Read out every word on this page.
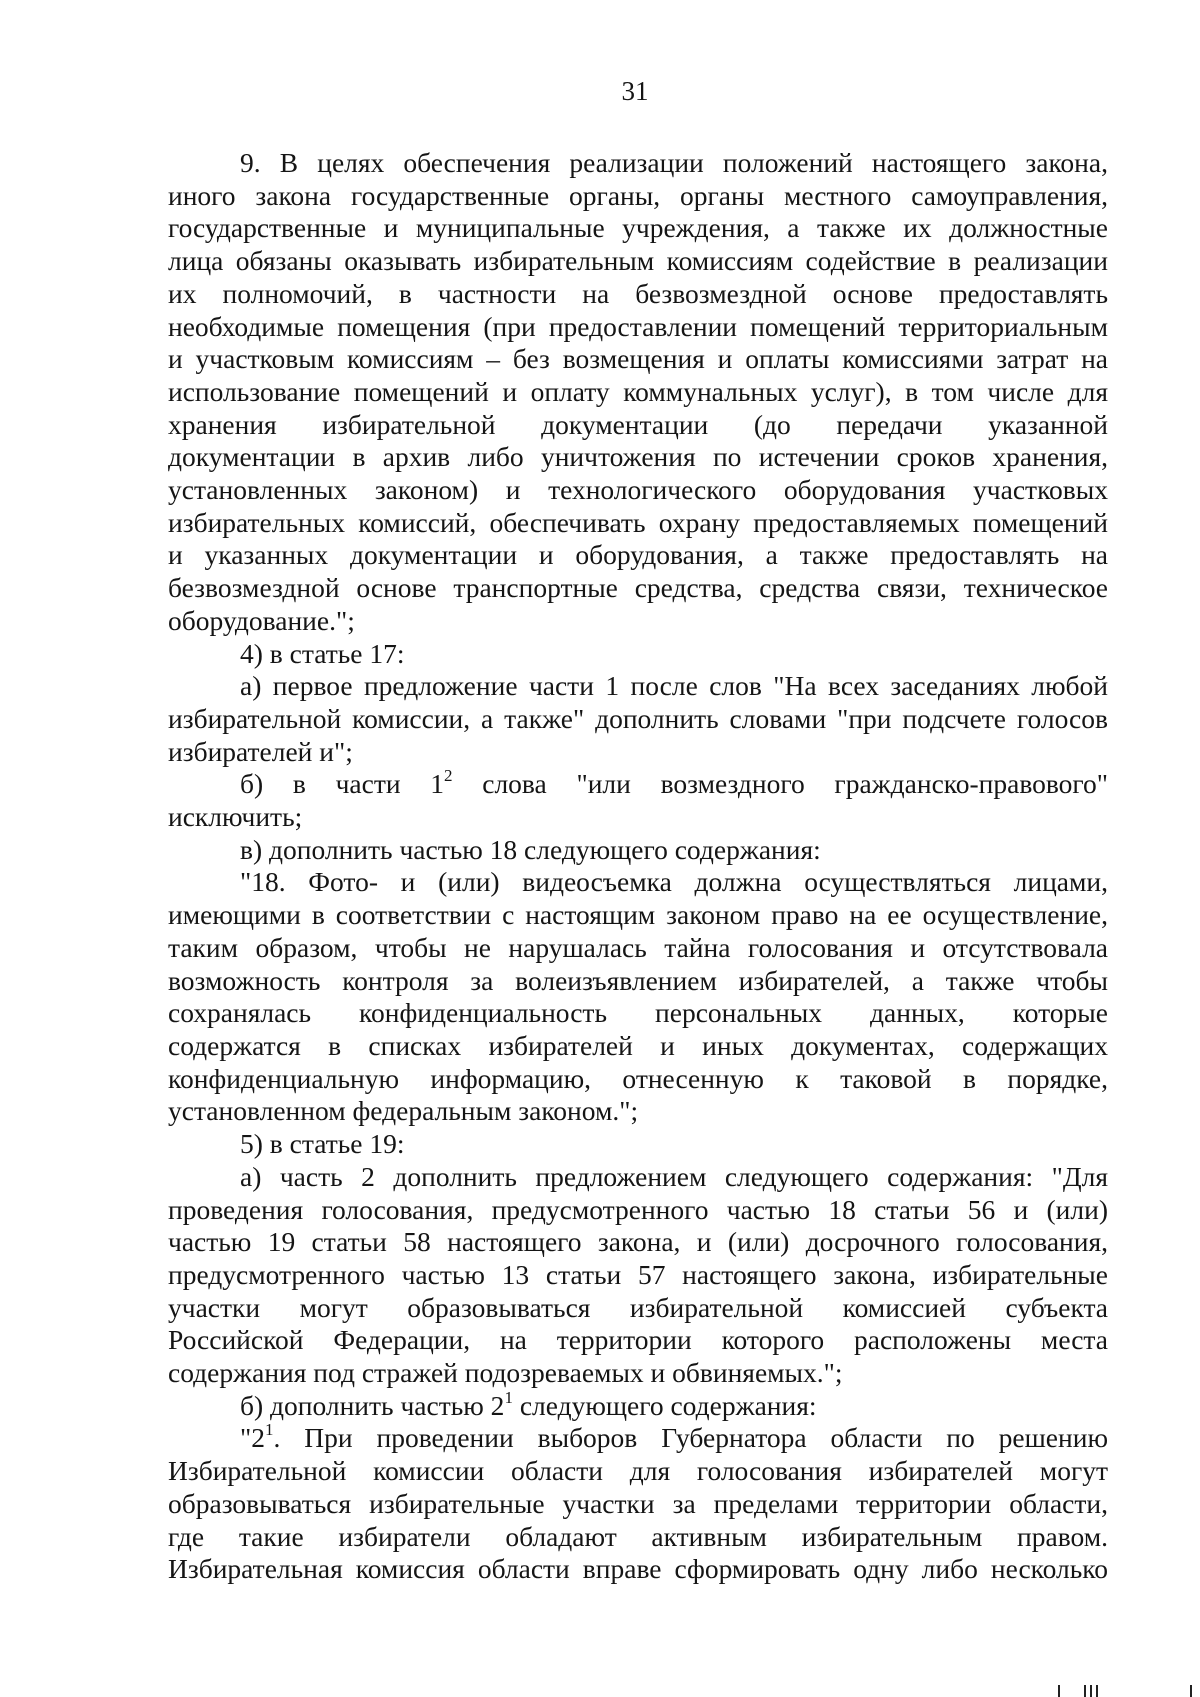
31
9. В целях обеспечения реализации положений настоящего закона,
иного закона государственные органы, органы местного самоуправления,
государственные и муниципальные учреждения, а также их должностные
лица обязаны оказывать избирательным комиссиям содействие в реализации
их полномочий, в частности на безвозмездной основе предоставлять
необходимые помещения (при предоставлении помещений территориальным
и участковым комиссиям – без возмещения и оплаты комиссиями затрат на
использование помещений и оплату коммунальных услуг), в том числе для
хранения избирательной документации (до передачи указанной
документации в архив либо уничтожения по истечении сроков хранения,
установленных законом) и технологического оборудования участковых
избирательных комиссий, обеспечивать охрану предоставляемых помещений
и указанных документации и оборудования, а также предоставлять на
безвозмездной основе транспортные средства, средства связи, техническое
оборудование.";
4) в статье 17:
а) первое предложение части 1 после слов "На всех заседаниях любой
избирательной комиссии, а также" дополнить словами "при подсчете голосов
избирателей и";
б) в части $1^2$ слова "или возмездного гражданско-правового"
исключить;
в) дополнить частью 18 следующего содержания:
"18. Фото- и (или) видеосъемка должна осуществляться лицами,
имеющими в соответствии с настоящим законом право на ее осуществление,
таким образом, чтобы не нарушалась тайна голосования и отсутствовала
возможность контроля за волеизъявлением избирателей, а также чтобы
сохранялась конфиденциальность персональных данных, которые
содержатся в списках избирателей и иных документах, содержащих
конфиденциальную информацию, отнесенную к таковой в порядке,
установленном федеральным законом.";
5) в статье 19:
а) часть 2 дополнить предложением следующего содержания: "Для
проведения голосования, предусмотренного частью 18 статьи 56 и (или)
частью 19 статьи 58 настоящего закона, и (или) досрочного голосования,
предусмотренного частью 13 статьи 57 настоящего закона, избирательные
участки могут образовываться избирательной комиссией субъекта
Российской Федерации, на территории которого расположены места
содержания под стражей подозреваемых и обвиняемых.";
б) дополнить частью $2^1$ следующего содержания:
"$2^1$. При проведении выборов Губернатора области по решению
Избирательной комиссии области для голосования избирателей могут
образовываться избирательные участки за пределами территории области,
где такие избиратели обладают активным избирательным правом.
Избирательная комиссия области вправе сформировать одну либо несколько
